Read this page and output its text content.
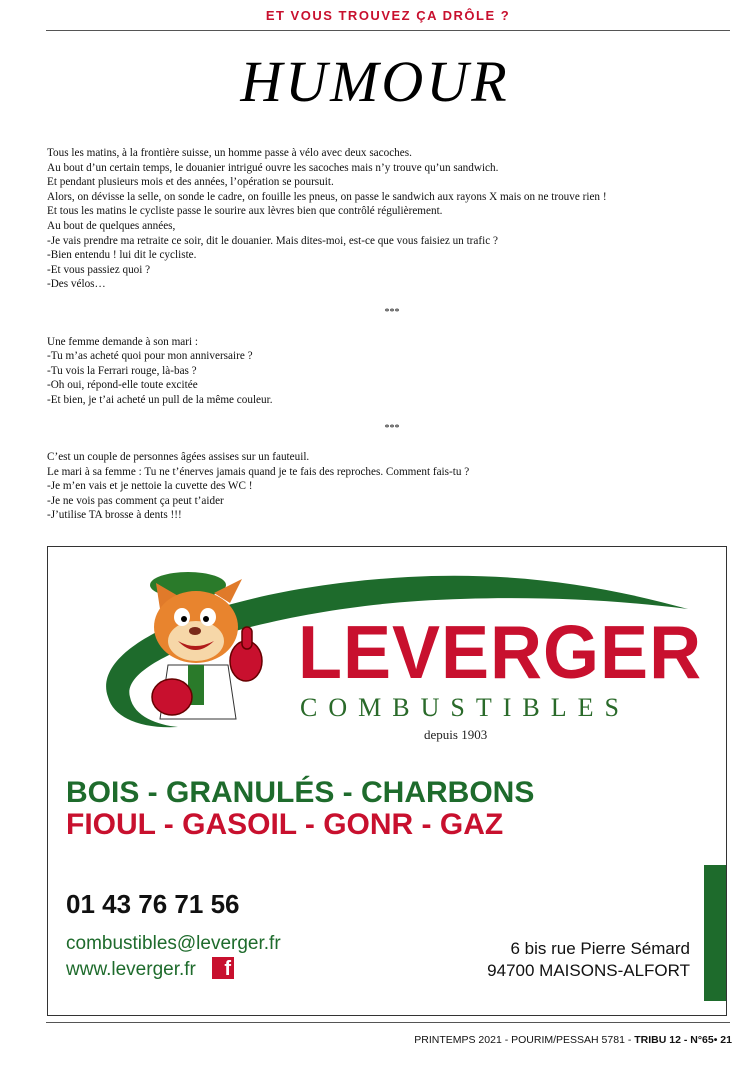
ET VOUS TROUVEZ ÇA DRÔLE ?
HUMOUR

Tous les matins, à la frontière suisse, un homme passe à vélo avec deux sacoches.

Au bout d’un certain temps, le douanier intrigué ouvre les sacoches mais n’y trouve qu’un sandwich.

Et pendant plusieurs mois et des années, l’opération se poursuit.

Alors, on dévisse la selle, on sonde le cadre, on fouille les pneus, on passe le sandwich aux rayons X mais on ne trouve rien !

Et tous les matins le cycliste passe le sourire aux lèvres bien que contrôlé régulièrement.

Au bout de quelques années,

-Je vais prendre ma retraite ce soir, dit le douanier. Mais dites-moi, est-ce que vous faisiez un trafic ?

-Bien entendu ! lui dit le cycliste.

-Et vous passiez quoi ?

-Des vélos…

***

Une femme demande à son mari :

-Tu m’as acheté quoi pour mon anniversaire ?

-Tu vois la Ferrari rouge, là-bas ?

-Oh oui, répond-elle toute excitée

-Et bien, je t’ai acheté un pull de la même couleur.

***

C’est un couple de personnes âgées assises sur un fauteuil.

Le mari à sa femme : Tu ne t’énerves jamais quand je te fais des reproches. Comment fais-tu ?

-Je m’en vais et je nettoie la cuvette des WC !

-Je ne vois pas comment ça peut t’aider

-J’utilise TA brosse à dents !!!

LEVERGER
COMBUSTIBLES
depuis 1903
BOIS - GRANULÉS - CHARBONS
FIOUL - GASOIL - GONR - GAZ
01 43 76 71 56
combustibles@leverger.fr
www.leverger.fr	f
6 bis rue Pierre Sémard
94700 MAISONS-ALFORT
PRINTEMPS 2021 - POURIM/PESSAH 5781 - TRIBU 12 - N°65• 21
